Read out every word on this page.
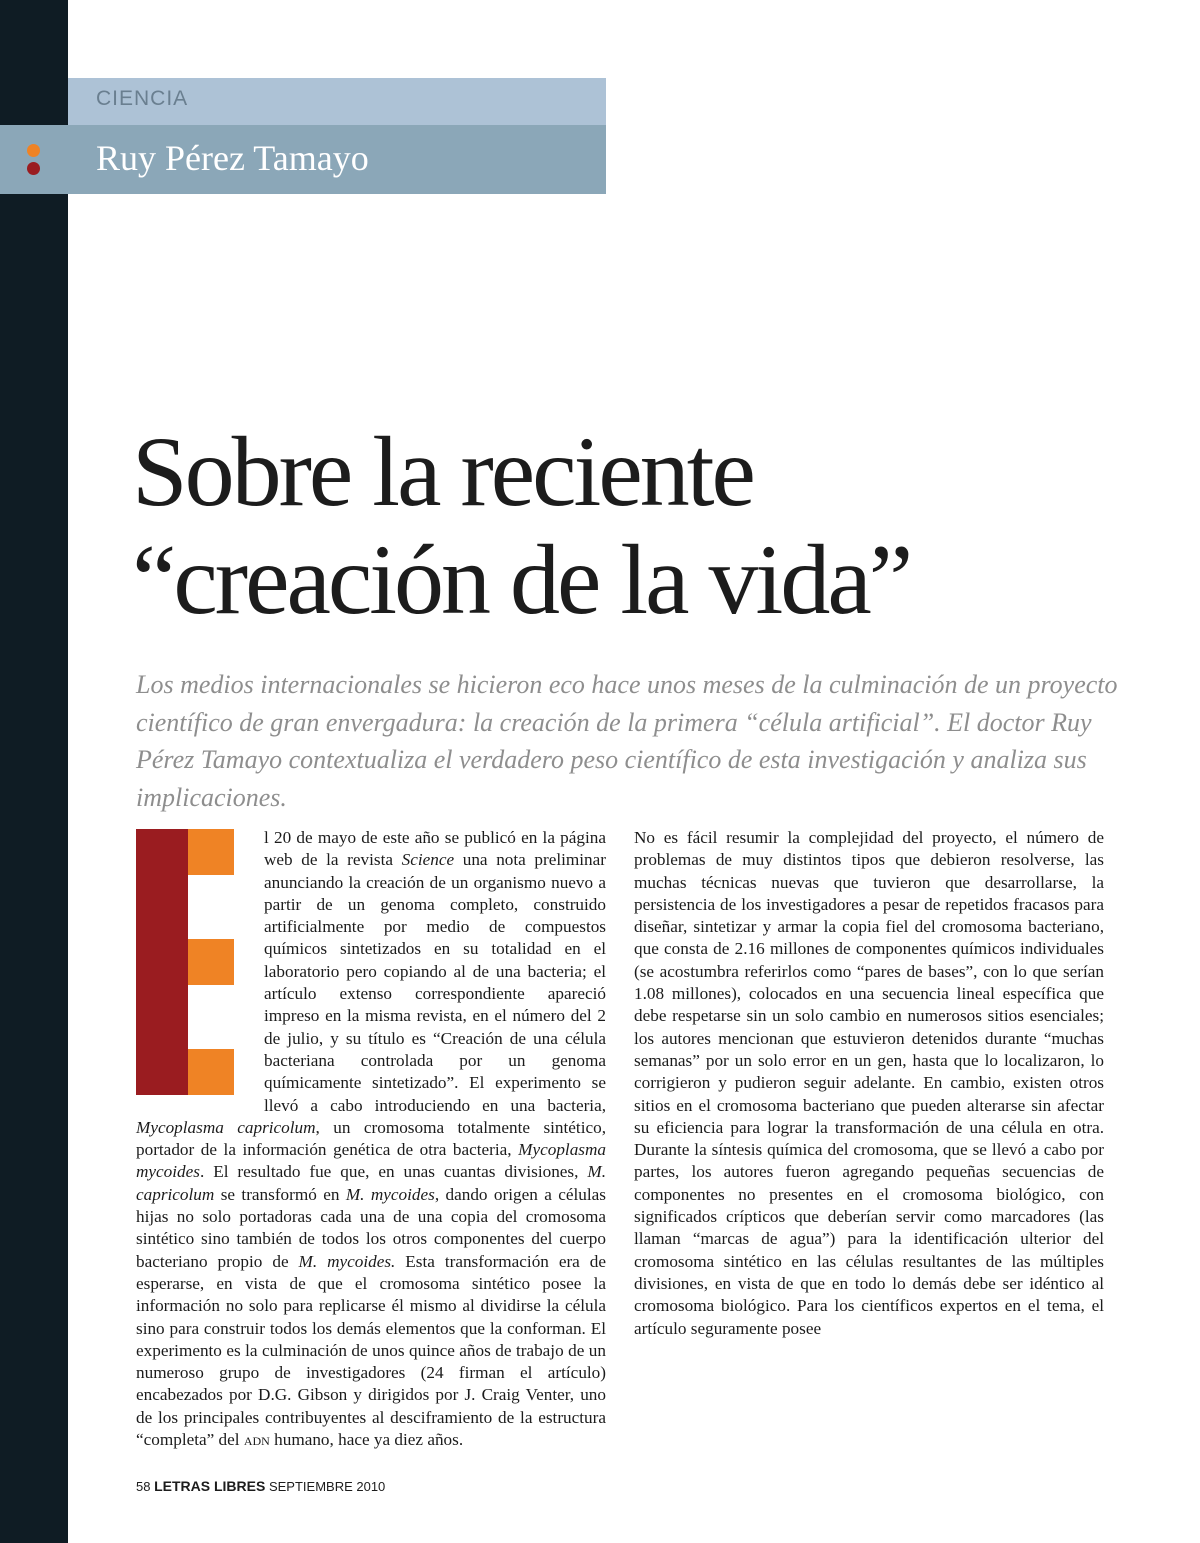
CIENCIA
Ruy Pérez Tamayo
Sobre la reciente
“creación de la vida”

Los medios internacionales se hicieron eco hace unos meses de la culminación de un proyecto científico de gran envergadura: la creación de la primera “célula artificial”. El doctor Ruy Pérez Tamayo contextualiza el verdadero peso científico de esta investigación y analiza sus implicaciones.

l 20 de mayo de este año se publicó en la página web de la revista Science una nota preliminar anunciando la creación de un organismo nuevo a partir de un genoma completo, construido artificialmente por medio de compuestos químicos sintetizados en su totalidad en el laboratorio pero copiando al de una bacteria; el artículo extenso correspondiente apareció impreso en la misma revista, en el número del 2 de julio, y su título es “Creación de una célula bacteriana controlada por un genoma químicamente sintetizado”. El experimento se llevó a cabo introduciendo en una bacteria, Mycoplasma capricolum, un cromosoma totalmente sintético, portador de la información genética de otra bacteria, Mycoplasma mycoides. El resultado fue que, en unas cuantas divisiones, M. capricolum se transformó en M. mycoides, dando origen a células hijas no solo portadoras cada una de una copia del cromosoma sintético sino también de todos los otros componentes del cuerpo bacteriano propio de M. mycoides. Esta transformación era de esperarse, en vista de que el cromosoma sintético posee la información no solo para replicarse él mismo al dividirse la célula sino para construir todos los demás elementos que la conforman. El experimento es la culminación de unos quince años de trabajo de un numeroso grupo de investigadores (24 firman el artículo) encabezados por D.G. Gibson y dirigidos por J. Craig Venter, uno de los principales contribuyentes al desciframiento de la estructura “completa” del adn humano, hace ya diez años.

No es fácil resumir la complejidad del proyecto, el número de problemas de muy distintos tipos que debieron resolverse, las muchas técnicas nuevas que tuvieron que desarrollarse, la persistencia de los investigadores a pesar de repetidos fracasos para diseñar, sintetizar y armar la copia fiel del cromosoma bacteriano, que consta de 2.16 millones de componentes químicos individuales (se acostumbra referirlos como “pares de bases”, con lo que serían 1.08 millones), colocados en una secuencia lineal específica que debe respetarse sin un solo cambio en numerosos sitios esenciales; los autores mencionan que estuvieron detenidos durante “muchas semanas” por un solo error en un gen, hasta que lo localizaron, lo corrigieron y pudieron seguir adelante. En cambio, existen otros sitios en el cromosoma bacteriano que pueden alterarse sin afectar su eficiencia para lograr la transformación de una célula en otra. Durante la síntesis química del cromosoma, que se llevó a cabo por partes, los autores fueron agregando pequeñas secuencias de componentes no presentes en el cromosoma biológico, con significados crípticos que deberían servir como marcadores (las llaman “marcas de agua”) para la identificación ulterior del cromosoma sintético en las células resultantes de las múltiples divisiones, en vista de que en todo lo demás debe ser idéntico al cromosoma biológico. Para los científicos expertos en el tema, el artículo seguramente posee

58 LETRAS LIBRES SEPTIEMBRE 2010
